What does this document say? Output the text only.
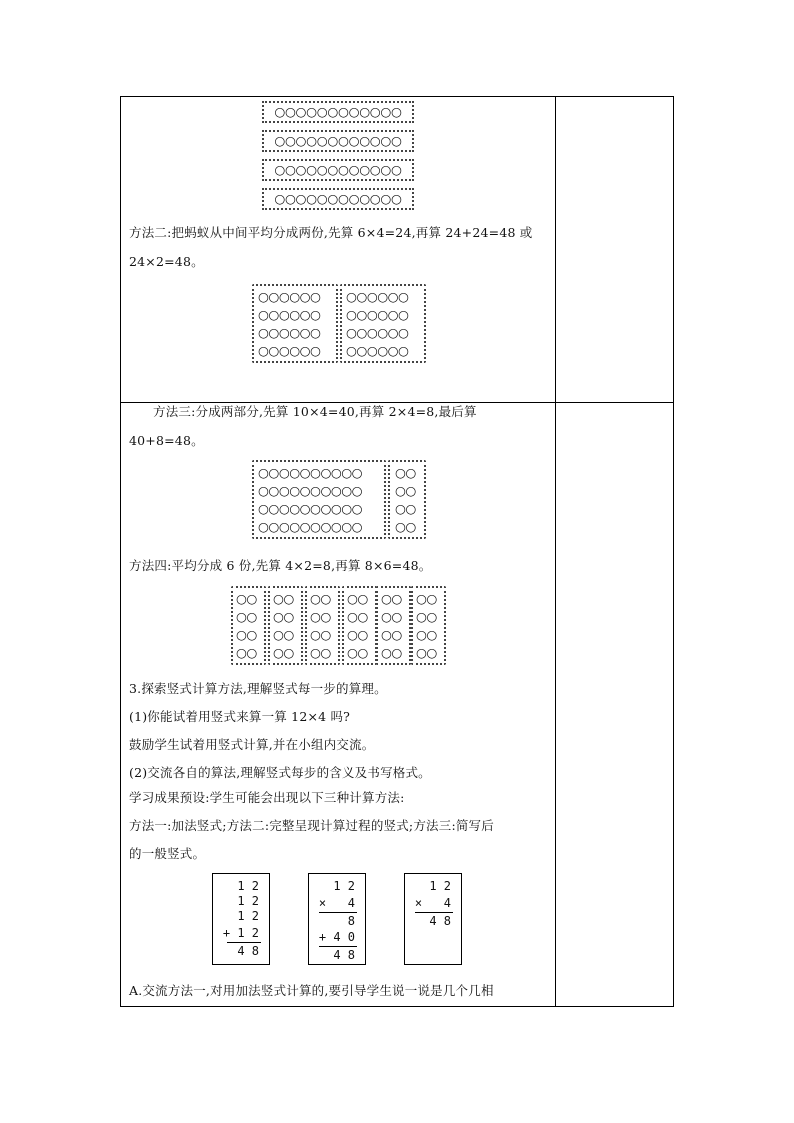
○○○○○○○○○○○○
○○○○○○○○○○○○
○○○○○○○○○○○○
○○○○○○○○○○○○
方法二:把蚂蚁从中间平均分成两份,先算 6×4=24,再算 24+24=48 或
24×2=48。
○○○○○○
○○○○○○
○○○○○○
○○○○○○
○○○○○○
○○○○○○
○○○○○○
○○○○○○
方法三:分成两部分,先算 10×4=40,再算 2×4=8,最后算
40+8=48。
○○○○○○○○○○
○○○○○○○○○○
○○○○○○○○○○
○○○○○○○○○○
○○
○○
○○
○○
方法四:平均分成 6 份,先算 4×2=8,再算 8×6=48。
○○
○○
○○
○○
○○
○○
○○
○○
○○
○○
○○
○○
○○
○○
○○
○○
○○
○○
○○
○○
○○
○○
○○
○○
3.探索竖式计算方法,理解竖式每一步的算理。
(1)你能试着用竖式来算一算 12×4 吗?
鼓励学生试着用竖式计算,并在小组内交流。
(2)交流各自的算法,理解竖式每步的含义及书写格式。
学习成果预设:学生可能会出现以下三种计算方法:
方法一:加法竖式;方法二:完整呈现计算过程的竖式;方法三:简写后
的一般竖式。
1 2
1 2
1 2
+ 1 2
4 8
1 2
×   4
8
+ 4 0
4 8
1 2
×   4
4 8
A.交流方法一,对用加法竖式计算的,要引导学生说一说是几个几相
